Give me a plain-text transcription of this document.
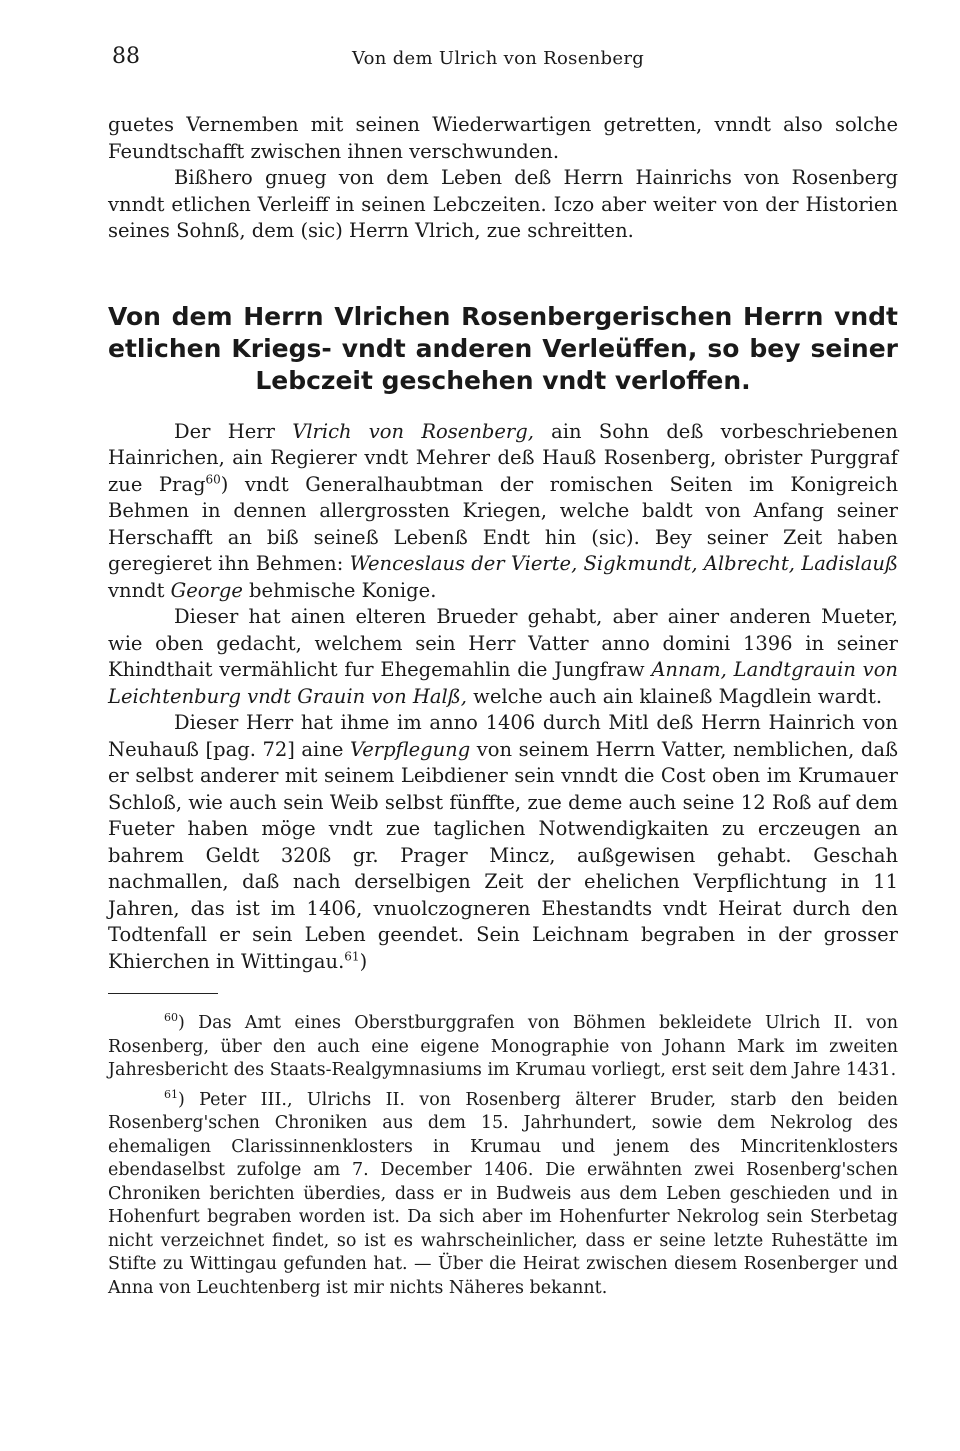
88	Von dem Ulrich von Rosenberg

guetes Vernemben mit seinen Wiederwartigen getretten, vnndt also solche Feundtschafft zwischen ihnen verschwunden.

Bißhero gnueg von dem Leben deß Herrn Hainrichs von Rosenberg vnndt etlichen Verleiff in seinen Lebczeiten. Iczo aber weiter von der Historien seines Sohnß, dem (sic) Herrn Vlrich, zue schreitten.

Von dem Herrn Vlrichen Rosenbergerischen Herrn vndt
etlichen Kriegs- vndt anderen Verleüffen, so bey seiner
Lebczeit geschehen vndt verloffen.

Der Herr Vlrich von Rosenberg, ain Sohn deß vorbeschriebenen Hainrichen, ain Regierer vndt Mehrer deß Hauß Rosenberg, obrister Purggraf zue Prag$^{60}$) vndt Generalhaubtman der romischen Seiten im Konigreich Behmen in dennen allergrossten Kriegen, welche baldt von Anfang seiner Herschafft an biß seineß Lebenß Endt hin (sic). Bey seiner Zeit haben geregieret ihn Behmen: Wenceslaus der Vierte, Sigkmundt, Albrecht, Ladislauß vnndt George behmische Konige.

Dieser hat ainen elteren Brueder gehabt, aber ainer anderen Mueter, wie oben gedacht, welchem sein Herr Vatter anno domini 1396 in seiner Khindthait vermählicht fur Ehegemahlin die Jungfraw Annam, Landtgrauin von Leichtenburg vndt Grauin von Halß, welche auch ain klaineß Magdlein wardt.

Dieser Herr hat ihme im anno 1406 durch Mitl deß Herrn Hainrich von Neuhauß [pag. 72] aine Verpflegung von seinem Herrn Vatter, nemblichen, daß er selbst anderer mit seinem Leibdiener sein vnndt die Cost oben im Krumauer Schloß, wie auch sein Weib selbst fünffte, zue deme auch seine 12 Roß auf dem Fueter haben möge vndt zue taglichen Notwendigkaiten zu erczeugen an bahrem Geldt 320ß gr. Prager Mincz, außgewisen gehabt. Geschah nachmallen, daß nach derselbigen Zeit der ehelichen Verpflichtung in 11 Jahren, das ist im 1406, vnuolczogneren Ehestandts vndt Heirat durch den Todtenfall er sein Leben geendet. Sein Leichnam begraben in der grosser Khierchen in Wittingau.$^{61}$)

$^{60}$) Das Amt eines Oberstburggrafen von Böhmen bekleidete Ulrich II. von Rosenberg, über den auch eine eigene Monographie von Johann Mark im zweiten Jahresbericht des Staats-Realgymnasiums im Krumau vorliegt, erst seit dem Jahre 1431.

$^{61}$) Peter III., Ulrichs II. von Rosenberg älterer Bruder, starb den beiden Rosenberg'schen Chroniken aus dem 15. Jahrhundert, sowie dem Nekrolog des ehemaligen Clarissinnenklosters in Krumau und jenem des Mincritenklosters ebendaselbst zufolge am 7. December 1406. Die erwähnten zwei Rosenberg'schen Chroniken berichten überdies, dass er in Budweis aus dem Leben geschieden und in Hohenfurt begraben worden ist. Da sich aber im Hohenfurter Nekrolog sein Sterbetag nicht verzeichnet findet, so ist es wahrscheinlicher, dass er seine letzte Ruhestätte im Stifte zu Wittingau gefunden hat. — Über die Heirat zwischen diesem Rosenberger und Anna von Leuchtenberg ist mir nichts Näheres bekannt.
